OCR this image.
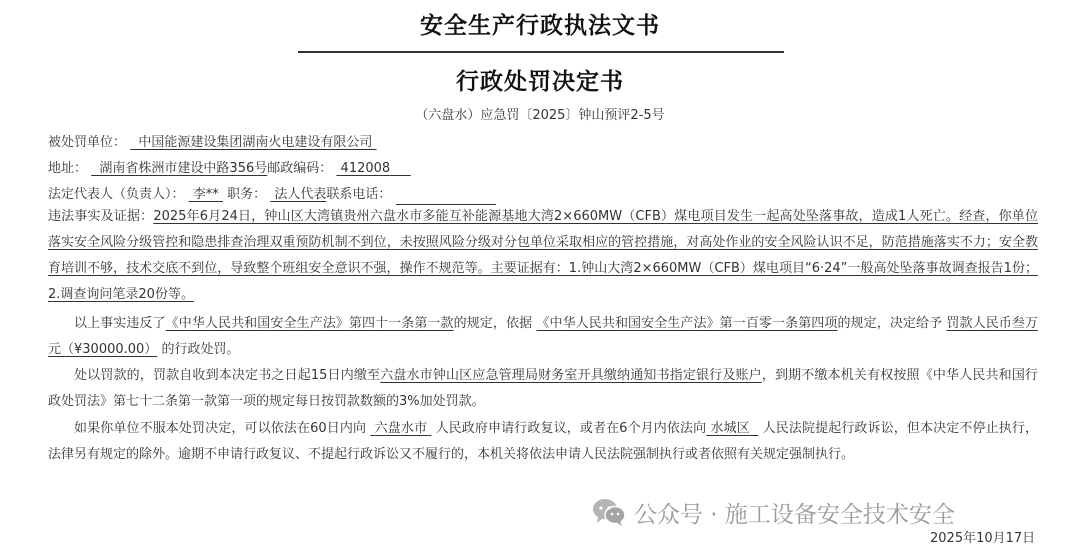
安全生产行政执法文书
行政处罚决定书
（六盘水）应急罚〔2025〕钟山预评2-5号
被处罚单位： 中国能源建设集团湖南火电建设有限公司
地址： 湖南省株洲市建设中路356号邮政编码： 412008
法定代表人（负责人）： 李** 职务： 法人代表联系电话：
违法事实及证据：2025年6月24日，钟山区大湾镇贵州六盘水市多能互补能源基地大湾2×660MW（CFB）煤电项目发生一起高处坠落事故，造成1人死亡。经查，你单位落实安全风险分级管控和隐患排查治理双重预防机制不到位，未按照风险分级对分包单位采取相应的管控措施，对高处作业的安全风险认识不足，防范措施落实不力；安全教育培训不够，技术交底不到位，导致整个班组安全意识不强，操作不规范等。主要证据有：1.钟山大湾2×660MW（CFB）煤电项目“6·24”一般高处坠落事故调查报告1份；2.调查询问笔录20份等。
以上事实违反了《中华人民共和国安全生产法》第四十一条第一款的规定，依据 《中华人民共和国安全生产法》第一百零一条第四项的规定，决定给予 罚款人民币叁万元（¥30000.00） 的行政处罚。
处以罚款的，罚款自收到本决定书之日起15日内缴至六盘水市钟山区应急管理局财务室开具缴纳通知书指定银行及账户，到期不缴本机关有权按照《中华人民共和国行政处罚法》第七十二条第一款第一项的规定每日按罚款数额的3%加处罚款。
如果你单位不服本处罚决定，可以依法在60日内向 六盘水市 人民政府申请行政复议，或者在6个月内依法向 水城区 人民法院提起行政诉讼，但本决定不停止执行，法律另有规定的除外。逾期不申请行政复议、不提起行政诉讼又不履行的，本机关将依法申请人民法院强制执行或者依照有关规定强制执行。
公众号 · 施工设备安全技术安全
2025年10月17日
